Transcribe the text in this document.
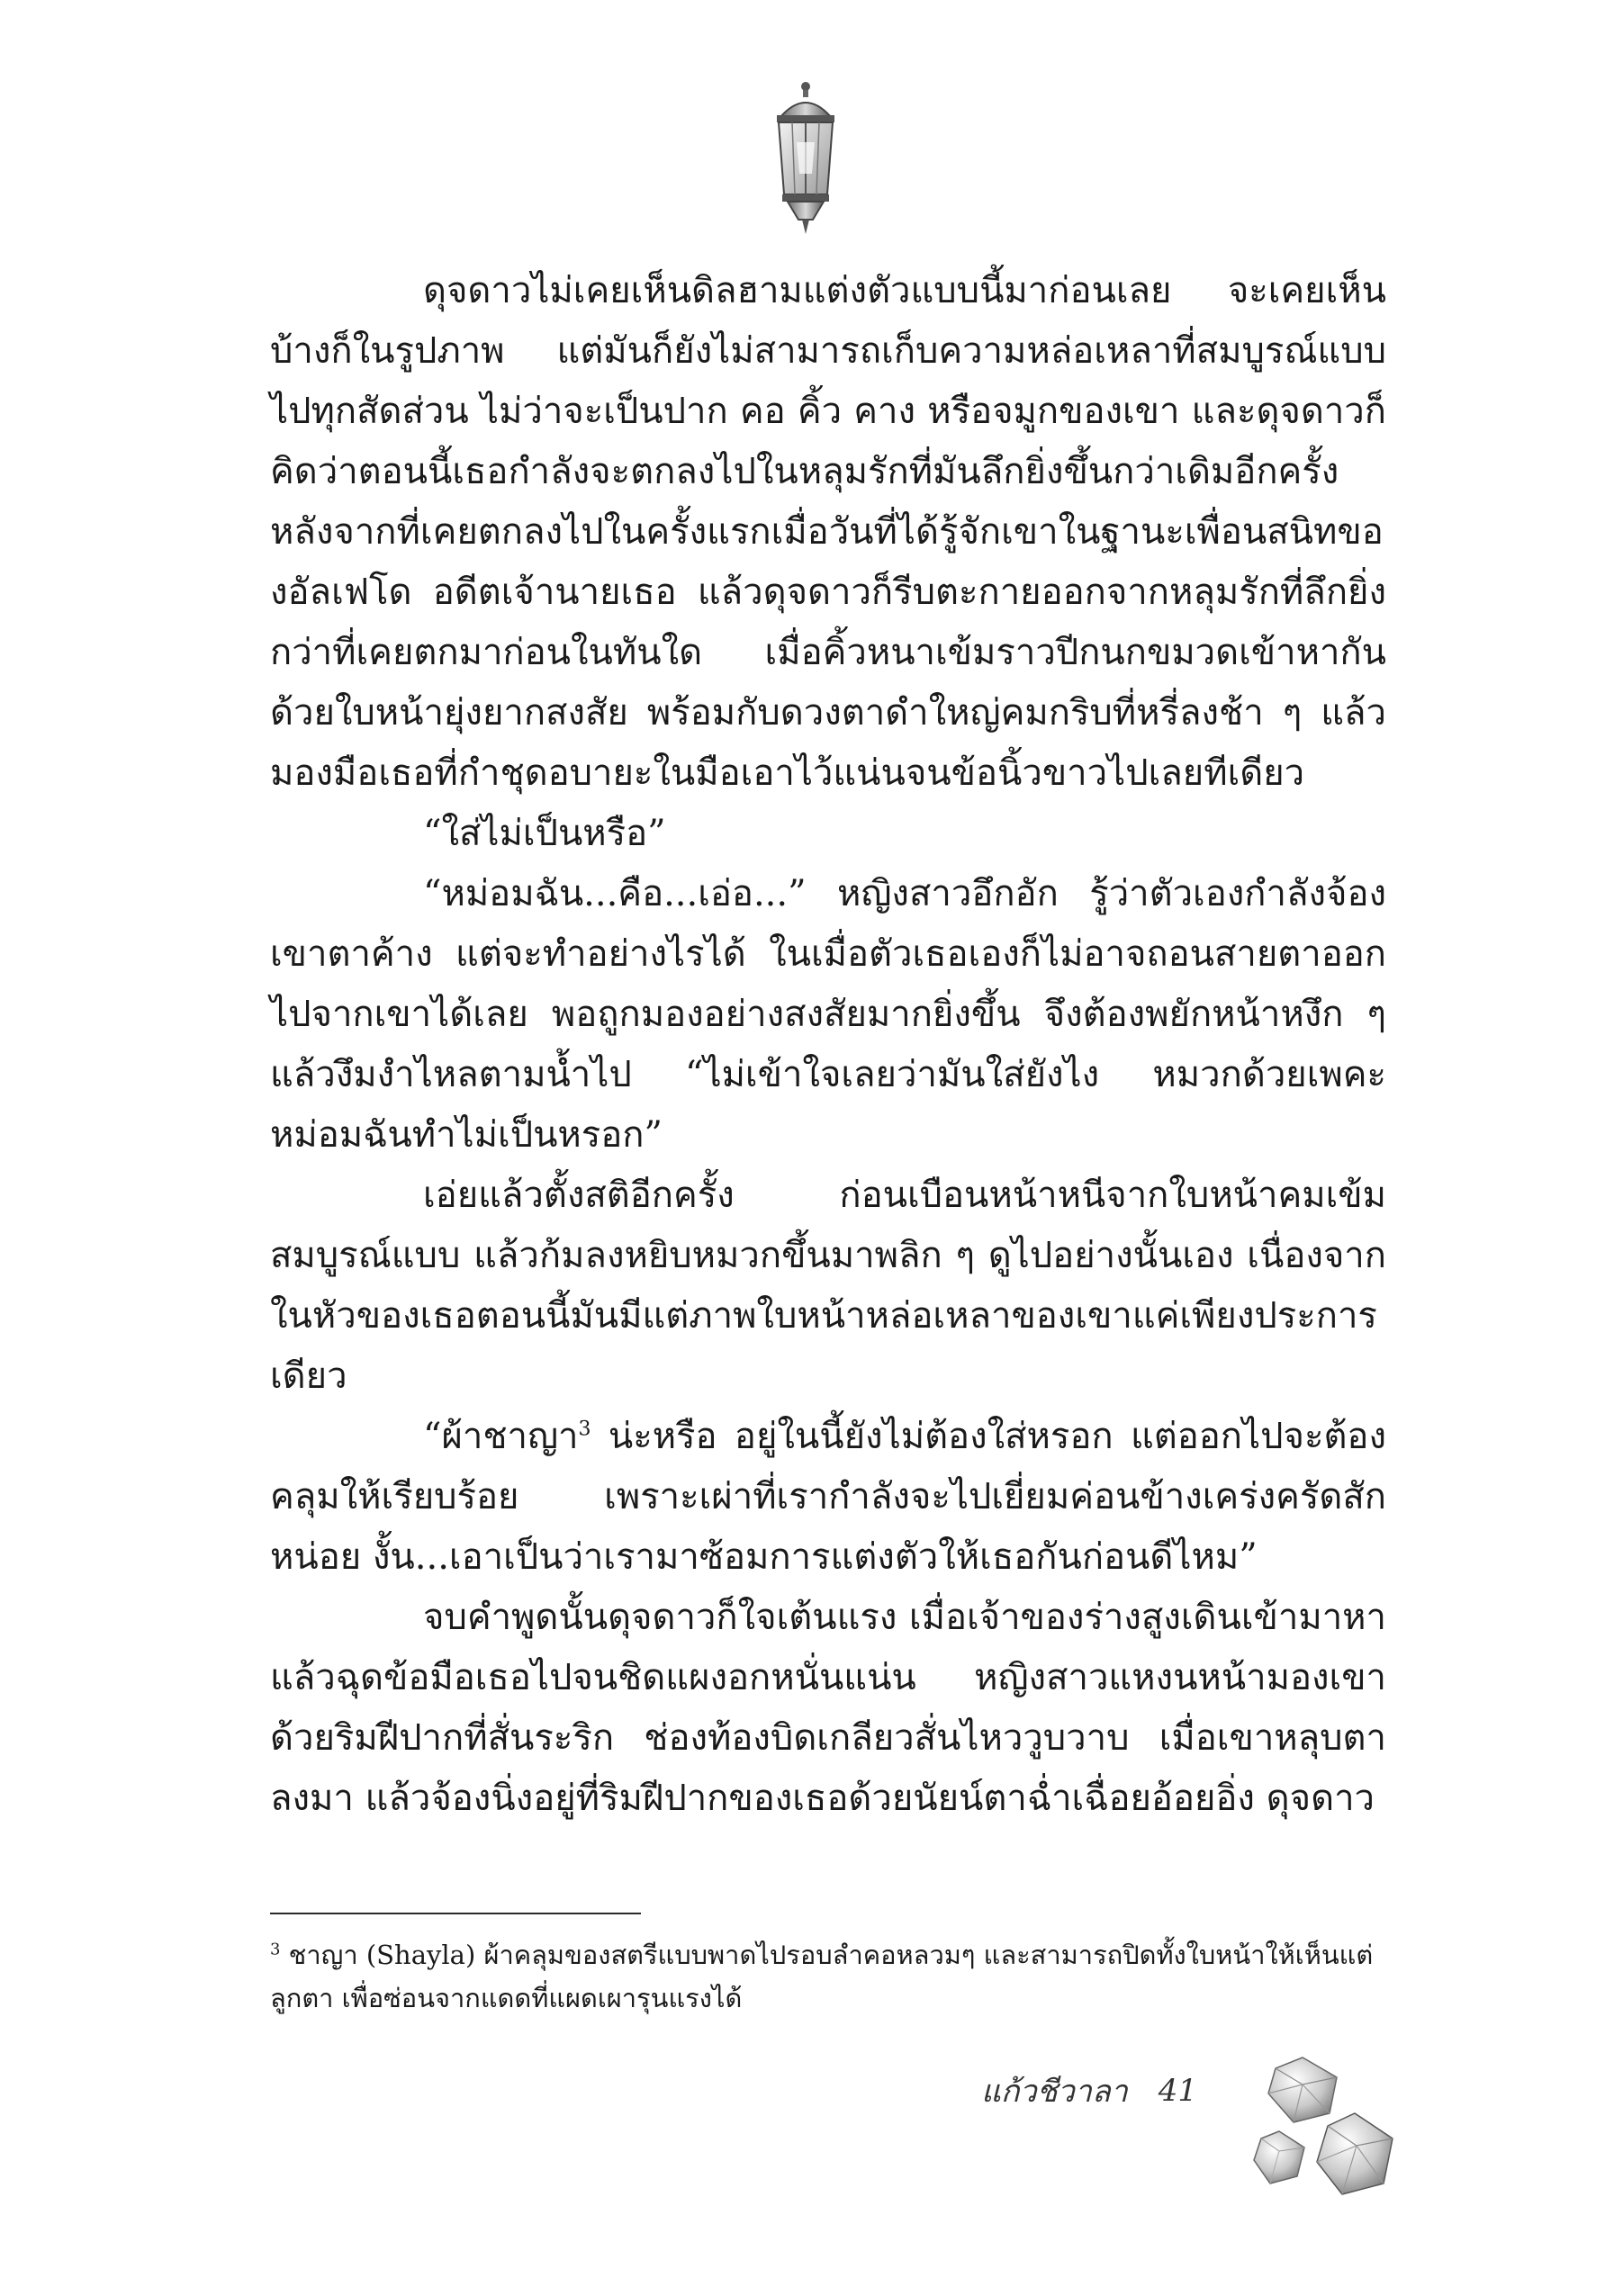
ดุจดาวไม่เคยเห็นดิลฮามแต่งตัวแบบนี้มาก่อนเลย จะเคยเห็นบ้างก็ในรูปภาพ แต่มันก็ยังไม่สามารถเก็บความหล่อเหลาที่สมบูรณ์แบบไปทุกสัดส่วน ไม่ว่าจะเป็นปาก คอ คิ้ว คาง หรือจมูกของเขา และดุจดาวก็คิดว่าตอนนี้เธอกำลังจะตกลงไปในหลุมรักที่มันลึกยิ่งขึ้นกว่าเดิมอีกครั้ง หลังจากที่เคยตกลงไปในครั้งแรกเมื่อวันที่ได้รู้จักเขาในฐานะเพื่อนสนิทของอัลเฟโด อดีตเจ้านายเธอ แล้วดุจดาวก็รีบตะกายออกจากหลุมรักที่ลึกยิ่งกว่าที่เคยตกมาก่อนในทันใด เมื่อคิ้วหนาเข้มราวปีกนกขมวดเข้าหากันด้วยใบหน้ายุ่งยากสงสัย พร้อมกับดวงตาดำใหญ่คมกริบที่หรี่ลงช้า ๆ แล้วมองมือเธอที่กำชุดอบายะในมือเอาไว้แน่นจนข้อนิ้วขาวไปเลยทีเดียว

“ใส่ไม่เป็นหรือ”

“หม่อมฉัน...คือ...เอ่อ...” หญิงสาวอึกอัก รู้ว่าตัวเองกำลังจ้องเขาตาค้าง แต่จะทำอย่างไรได้ ในเมื่อตัวเธอเองก็ไม่อาจถอนสายตาออกไปจากเขาได้เลย พอถูกมองอย่างสงสัยมากยิ่งขึ้น จึงต้องพยักหน้าหงึก ๆ แล้วงึมงำไหลตามน้ำไป “ไม่เข้าใจเลยว่ามันใส่ยังไง หมวกด้วยเพคะ หม่อมฉันทำไม่เป็นหรอก”

เอ่ยแล้วตั้งสติอีกครั้ง ก่อนเบือนหน้าหนีจากใบหน้าคมเข้มสมบูรณ์แบบ แล้วก้มลงหยิบหมวกขึ้นมาพลิก ๆ ดูไปอย่างนั้นเอง เนื่องจากในหัวของเธอตอนนี้มันมีแต่ภาพใบหน้าหล่อเหลาของเขาแค่เพียงประการเดียว

“ผ้าชาญา$^3$ น่ะหรือ อยู่ในนี้ยังไม่ต้องใส่หรอก แต่ออกไปจะต้องคลุมให้เรียบร้อย เพราะเผ่าที่เรากำลังจะไปเยี่ยมค่อนข้างเคร่งครัดสักหน่อย งั้น...เอาเป็นว่าเรามาซ้อมการแต่งตัวให้เธอกันก่อนดีไหม”

จบคำพูดนั้นดุจดาวก็ใจเต้นแรง เมื่อเจ้าของร่างสูงเดินเข้ามาหา แล้วฉุดข้อมือเธอไปจนชิดแผงอกหนั่นแน่น หญิงสาวแหงนหน้ามองเขาด้วยริมฝีปากที่สั่นระริก ช่องท้องบิดเกลียวสั่นไหววูบวาบ เมื่อเขาหลุบตาลงมา แล้วจ้องนิ่งอยู่ที่ริมฝีปากของเธอด้วยนัยน์ตาฉ่ำเฉื่อยอ้อยอิ่ง ดุจดาว

$^3$ ชาญา (Shayla) ผ้าคลุมของสตรีแบบพาดไปรอบลำคอหลวมๆ และสามารถปิดทั้งใบหน้าให้เห็นแต่ลูกตา เพื่อซ่อนจากแดดที่แผดเผารุนแรงได้
แก้วชีวาลา 41
